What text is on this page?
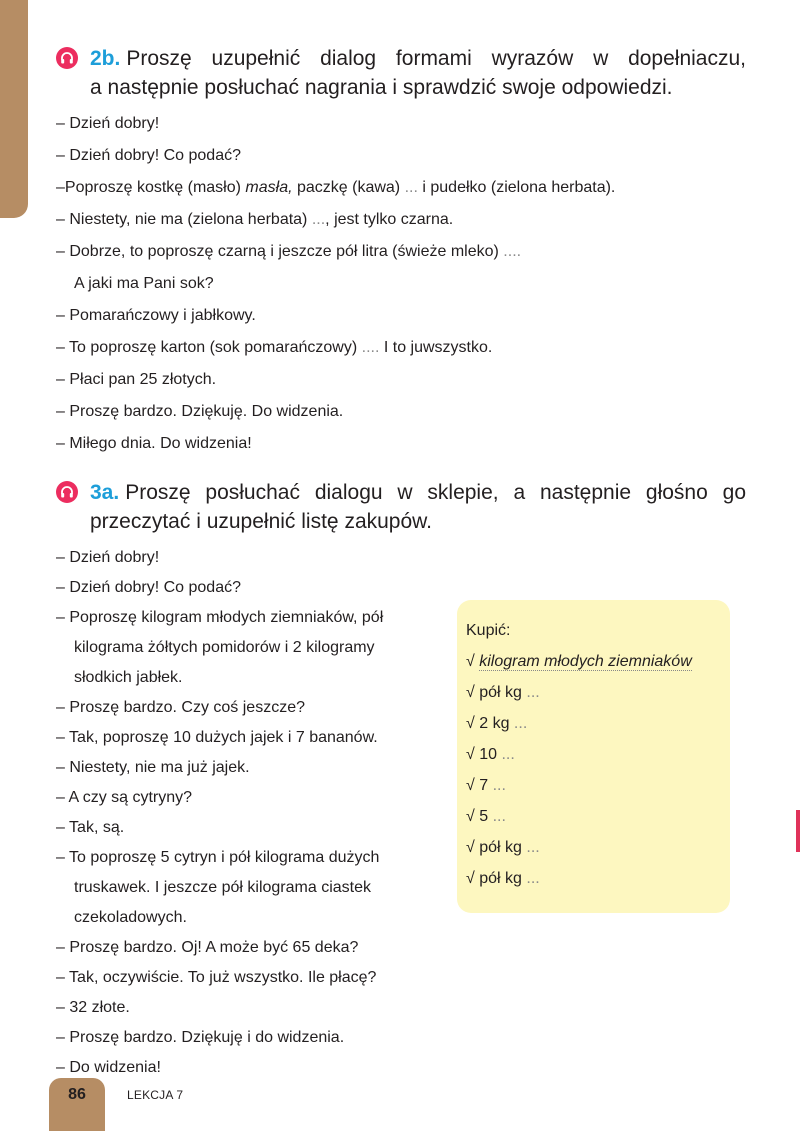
2b. Proszę uzupełnić dialog formami wyrazów w dopełniaczu,
a następnie posłuchać nagrania i sprawdzić swoje odpowiedzi.
– Dzień dobry!
– Dzień dobry! Co podać?
–Poproszę kostkę (masło) masła, paczkę (kawa) ... i pudełko (zielona herbata).
– Niestety, nie ma (zielona herbata) ..., jest tylko czarna.
– Dobrze, to poproszę czarną i jeszcze pół litra (świeże mleko) ....
A jaki ma Pani sok?
– Pomarańczowy i jabłkowy.
– To poproszę karton (sok pomarańczowy) .... I to juwszystko.
– Płaci pan 25 złotych.
– Proszę bardzo. Dziękuję. Do widzenia.
– Miłego dnia. Do widzenia!
3a. Proszę posłuchać dialogu w sklepie, a następnie głośno go
przeczytać i uzupełnić listę zakupów.
– Dzień dobry!
– Dzień dobry! Co podać?
– Poproszę kilogram młodych ziemniaków, pół
kilograma żółtych pomidorów i 2 kilogramy
słodkich jabłek.
– Proszę bardzo. Czy coś jeszcze?
– Tak, poproszę 10 dużych jajek i 7 bananów.
– Niestety, nie ma już jajek.
– A czy są cytryny?
– Tak, są.
– To poproszę 5 cytryn i pół kilograma dużych
truskawek. I jeszcze pół kilograma ciastek
czekoladowych.
– Proszę bardzo. Oj! A może być 65 deka?
– Tak, oczywiście. To już wszystko. Ile płacę?
– 32 złote.
– Proszę bardzo. Dziękuję i do widzenia.
– Do widzenia!
Kupić:
√ kilogram młodych ziemniaków
√ pół kg ...
√ 2 kg ...
√ 10 ...
√ 7 ...
√ 5 ...
√ pół kg ...
√ pół kg ...
86	LEKCJA 7
